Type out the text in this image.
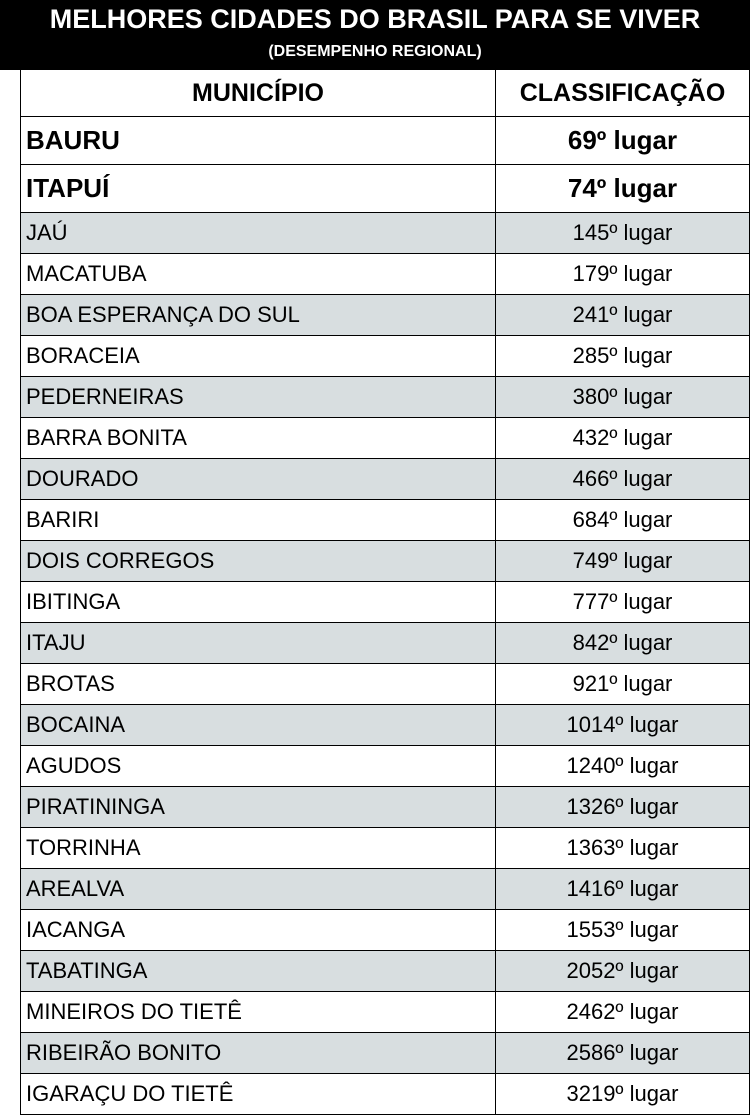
MELHORES CIDADES DO BRASIL PARA SE VIVER
(DESEMPENHO REGIONAL)
MUNICÍPIO	CLASSIFICAÇÃO
BAURU	69º lugar
ITAPUÍ	74º lugar
JAÚ	145º lugar
MACATUBA	179º lugar
BOA ESPERANÇA DO SUL	241º lugar
BORACEIA	285º lugar
PEDERNEIRAS	380º lugar
BARRA BONITA	432º lugar
DOURADO	466º lugar
BARIRI	684º lugar
DOIS CORREGOS	749º lugar
IBITINGA	777º lugar
ITAJU	842º lugar
BROTAS	921º lugar
BOCAINA	1014º lugar
AGUDOS	1240º lugar
PIRATININGA	1326º lugar
TORRINHA	1363º lugar
AREALVA	1416º lugar
IACANGA	1553º lugar
TABATINGA	2052º lugar
MINEIROS DO TIETÊ	2462º lugar
RIBEIRÃO BONITO	2586º lugar
IGARAÇU DO TIETÊ	3219º lugar
